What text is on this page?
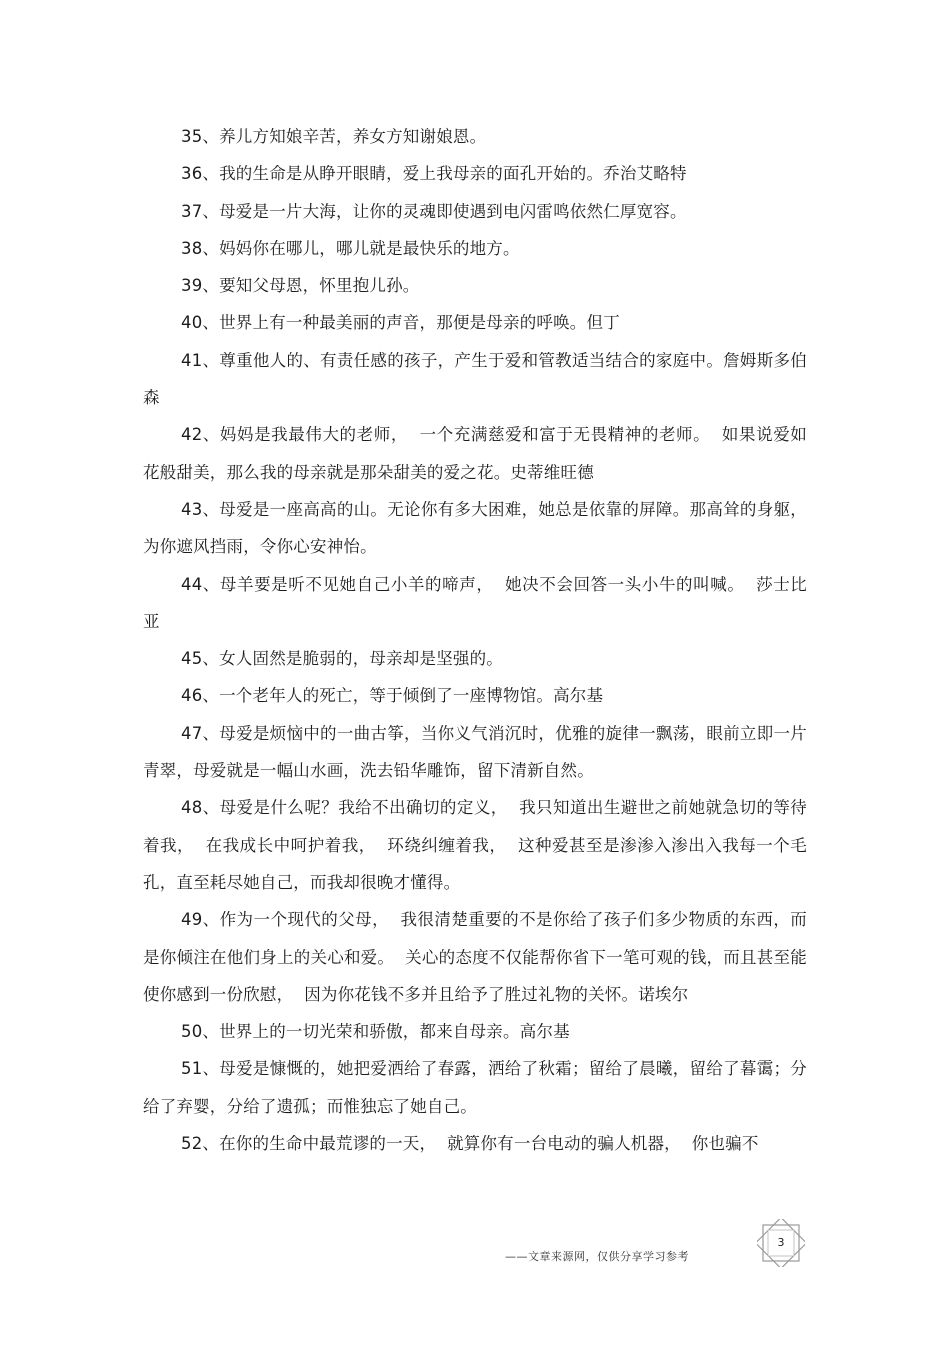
35、养儿方知娘辛苦，养女方知谢娘恩。

36、我的生命是从睁开眼睛，爱上我母亲的面孔开始的。乔治艾略特

37、母爱是一片大海，让你的灵魂即使遇到电闪雷鸣依然仁厚宽容。

38、妈妈你在哪儿，哪儿就是最快乐的地方。

39、要知父母恩，怀里抱儿孙。

40、世界上有一种最美丽的声音，那便是母亲的呼唤。但丁

41、尊重他人的、有责任感的孩子，产生于爱和管教适当结合的家庭中。詹姆斯多伯森

42、妈妈是我最伟大的老师，  一个充满慈爱和富于无畏精神的老师。  如果说爱如花般甜美，那么我的母亲就是那朵甜美的爱之花。史蒂维旺德

43、母爱是一座高高的山。无论你有多大困难，她总是依靠的屏障。那高耸的身躯，为你遮风挡雨，令你心安神怡。

44、母羊要是听不见她自己小羊的啼声，  她决不会回答一头小牛的叫喊。  莎士比亚

45、女人固然是脆弱的，母亲却是坚强的。

46、一个老年人的死亡，等于倾倒了一座博物馆。高尔基

47、母爱是烦恼中的一曲古筝，当你义气消沉时，优雅的旋律一飘荡，眼前立即一片青翠，母爱就是一幅山水画，洗去铅华雕饰，留下清新自然。

48、母爱是什么呢？我给不出确切的定义，  我只知道出生避世之前她就急切的等待着我，  在我成长中呵护着我，  环绕纠缠着我，  这种爱甚至是渗渗入渗出入我每一个毛孔，直至耗尽她自己，而我却很晚才懂得。

49、作为一个现代的父母，  我很清楚重要的不是你给了孩子们多少物质的东西，而是你倾注在他们身上的关心和爱。  关心的态度不仅能帮你省下一笔可观的钱，而且甚至能使你感到一份欣慰，  因为你花钱不多并且给予了胜过礼物的关怀。诺埃尔

50、世界上的一切光荣和骄傲，都来自母亲。高尔基

51、母爱是慷慨的，她把爱洒给了春露，洒给了秋霜；留给了晨曦，留给了暮霭；分给了弃婴，分给了遗孤；而惟独忘了她自己。

52、在你的生命中最荒谬的一天，  就算你有一台电动的骗人机器，  你也骗不

——文章来源网，仅供分享学习参考
3
